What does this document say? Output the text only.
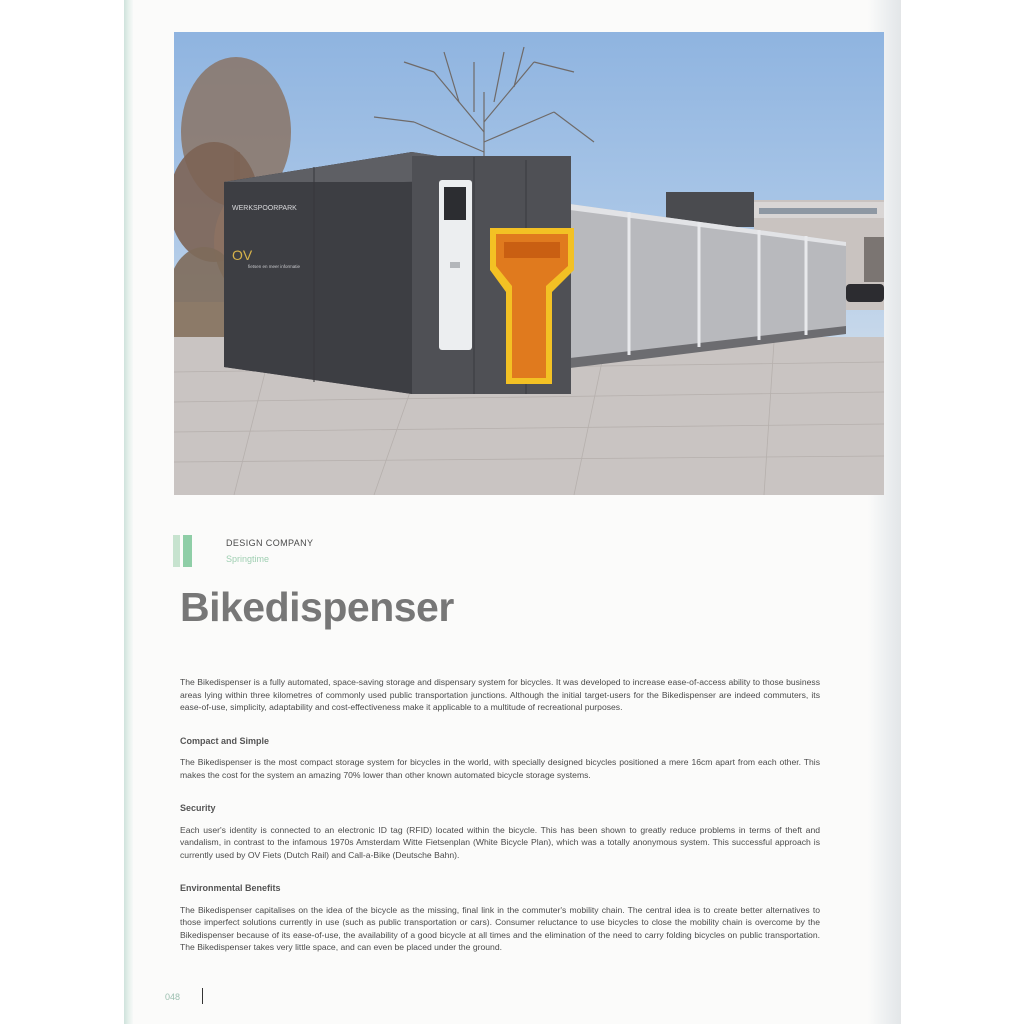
WERKSPOORPARK
OV
fietsen en meer informatie
DESIGN COMPANY
Springtime
Bikedispenser

The Bikedispenser is a fully automated, space-saving storage and dispensary system for bicycles. It was developed to increase ease-of-access ability to those business areas lying within three kilometres of commonly used public transportation junctions. Although the initial target-users for the Bikedispenser are indeed commuters, its ease-of-use, simplicity, adaptability and cost-effectiveness make it applicable to a multitude of recreational purposes.

Compact and Simple

The Bikedispenser is the most compact storage system for bicycles in the world, with specially designed bicycles positioned a mere 16cm apart from each other. This makes the cost for the system an amazing 70% lower than other known automated bicycle storage systems.

Security

Each user's identity is connected to an electronic ID tag (RFID) located within the bicycle. This has been shown to greatly reduce problems in terms of theft and vandalism, in contrast to the infamous 1970s Amsterdam Witte Fietsenplan (White Bicycle Plan), which was a totally anonymous system. This successful approach is currently used by OV Fiets (Dutch Rail) and Call-a-Bike (Deutsche Bahn).

Environmental Benefits

The Bikedispenser capitalises on the idea of the bicycle as the missing, final link in the commuter's mobility chain. The central idea is to create better alternatives to those imperfect solutions currently in use (such as public transportation or cars). Consumer reluctance to use bicycles to close the mobility chain is overcome by the Bikedispenser because of its ease-of-use, the availability of a good bicycle at all times and the elimination of the need to carry folding bicycles on public transportation. The Bikedispenser takes very little space, and can even be placed under the ground.

048
